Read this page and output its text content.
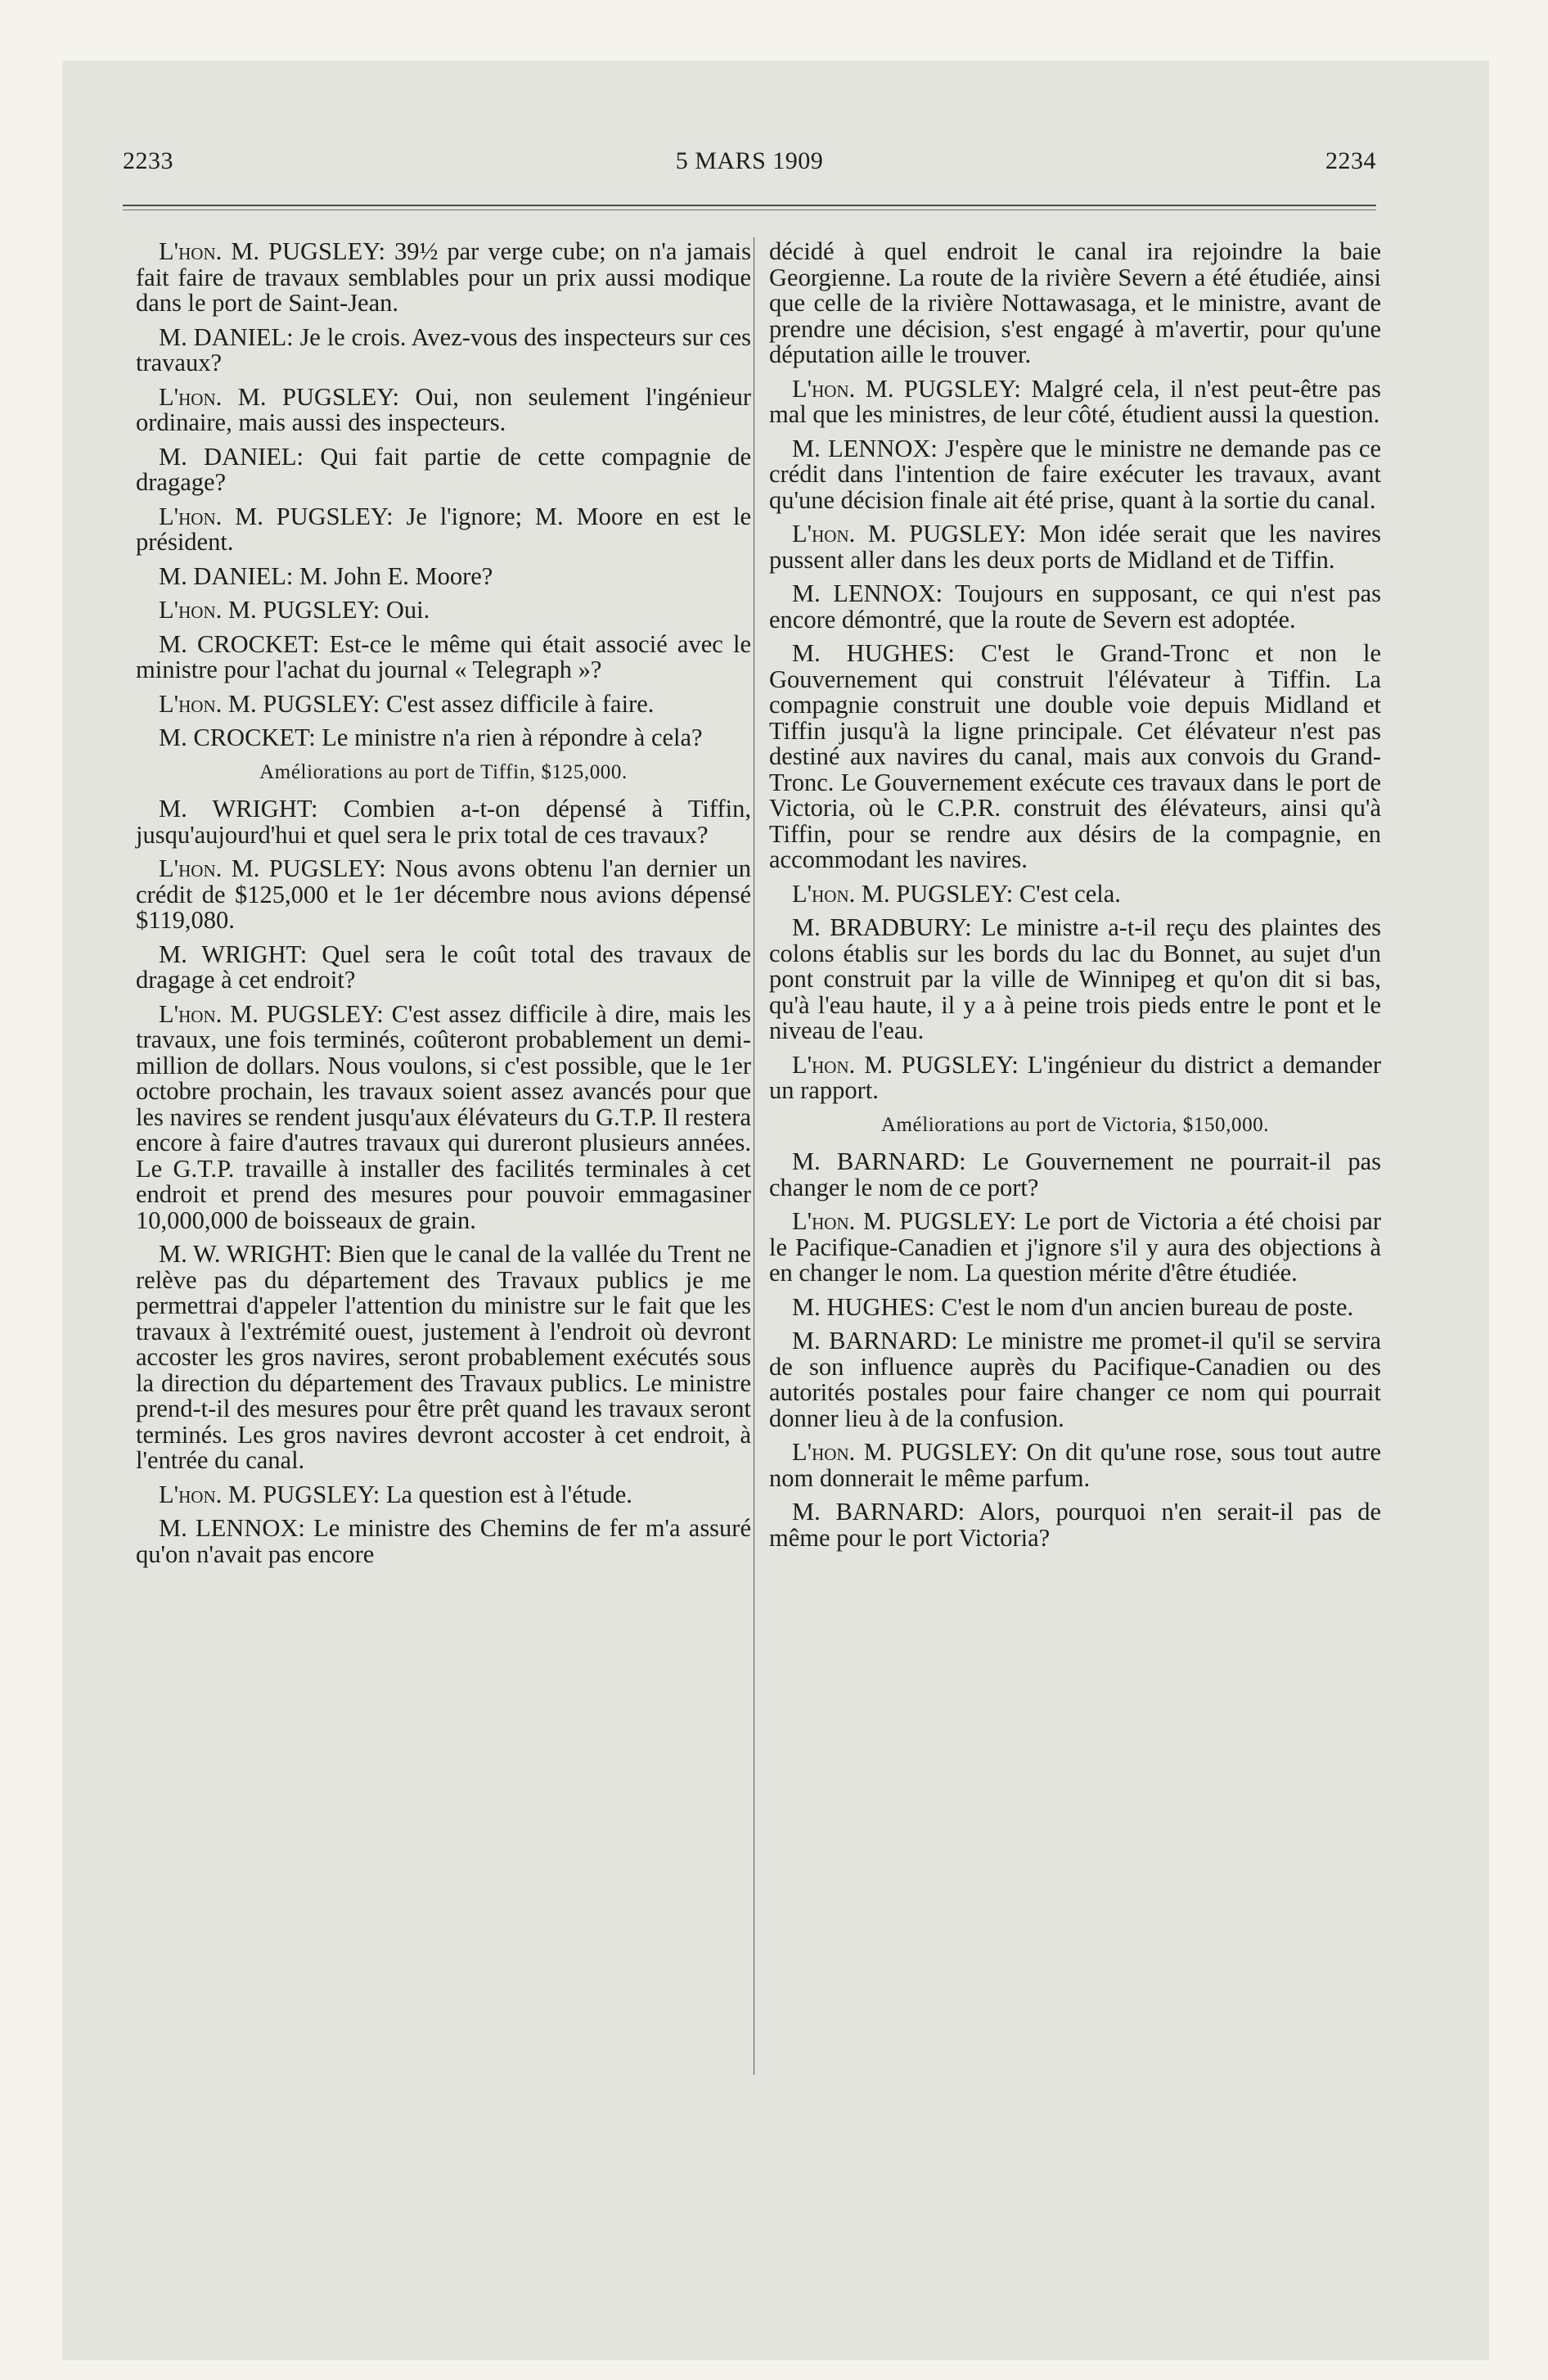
2233	5 MARS 1909	2234

L'hon. M. PUGSLEY: 39½ par verge cube; on n'a jamais fait faire de travaux semblables pour un prix aussi modique dans le port de Saint-Jean.

M. DANIEL: Je le crois. Avez-vous des inspecteurs sur ces travaux?

L'hon. M. PUGSLEY: Oui, non seulement l'ingénieur ordinaire, mais aussi des inspecteurs.

M. DANIEL: Qui fait partie de cette compagnie de dragage?

L'hon. M. PUGSLEY: Je l'ignore; M. Moore en est le président.

M. DANIEL: M. John E. Moore?

L'hon. M. PUGSLEY: Oui.

M. CROCKET: Est-ce le même qui était associé avec le ministre pour l'achat du journal « Telegraph »?

L'hon. M. PUGSLEY: C'est assez difficile à faire.

M. CROCKET: Le ministre n'a rien à répondre à cela?

Améliorations au port de Tiffin, $125,000.

M. WRIGHT: Combien a-t-on dépensé à Tiffin, jusqu'aujourd'hui et quel sera le prix total de ces travaux?

L'hon. M. PUGSLEY: Nous avons obtenu l'an dernier un crédit de $125,000 et le 1er décembre nous avions dépensé $119,080.

M. WRIGHT: Quel sera le coût total des travaux de dragage à cet endroit?

L'hon. M. PUGSLEY: C'est assez difficile à dire, mais les travaux, une fois terminés, coûteront probablement un demi-million de dollars. Nous voulons, si c'est possible, que le 1er octobre prochain, les travaux soient assez avancés pour que les navires se rendent jusqu'aux élévateurs du G.T.P. Il restera encore à faire d'autres travaux qui dureront plusieurs années. Le G.T.P. travaille à installer des facilités terminales à cet endroit et prend des mesures pour pouvoir emmagasiner 10,000,000 de boisseaux de grain.

M. W. WRIGHT: Bien que le canal de la vallée du Trent ne relève pas du département des Travaux publics je me permettrai d'appeler l'attention du ministre sur le fait que les travaux à l'extrémité ouest, justement à l'endroit où devront accoster les gros navires, seront probablement exécutés sous la direction du département des Travaux publics. Le ministre prend-t-il des mesures pour être prêt quand les travaux seront terminés. Les gros navires devront accoster à cet endroit, à l'entrée du canal.

L'hon. M. PUGSLEY: La question est à l'étude.

M. LENNOX: Le ministre des Chemins de fer m'a assuré qu'on n'avait pas encore

décidé à quel endroit le canal ira rejoindre la baie Georgienne. La route de la rivière Severn a été étudiée, ainsi que celle de la rivière Nottawasaga, et le ministre, avant de prendre une décision, s'est engagé à m'avertir, pour qu'une députation aille le trouver.

L'hon. M. PUGSLEY: Malgré cela, il n'est peut-être pas mal que les ministres, de leur côté, étudient aussi la question.

M. LENNOX: J'espère que le ministre ne demande pas ce crédit dans l'intention de faire exécuter les travaux, avant qu'une décision finale ait été prise, quant à la sortie du canal.

L'hon. M. PUGSLEY: Mon idée serait que les navires pussent aller dans les deux ports de Midland et de Tiffin.

M. LENNOX: Toujours en supposant, ce qui n'est pas encore démontré, que la route de Severn est adoptée.

M. HUGHES: C'est le Grand-Tronc et non le Gouvernement qui construit l'élévateur à Tiffin. La compagnie construit une double voie depuis Midland et Tiffin jusqu'à la ligne principale. Cet élévateur n'est pas destiné aux navires du canal, mais aux convois du Grand-Tronc. Le Gouvernement exécute ces travaux dans le port de Victoria, où le C.P.R. construit des élévateurs, ainsi qu'à Tiffin, pour se rendre aux désirs de la compagnie, en accommodant les navires.

L'hon. M. PUGSLEY: C'est cela.

M. BRADBURY: Le ministre a-t-il reçu des plaintes des colons établis sur les bords du lac du Bonnet, au sujet d'un pont construit par la ville de Winnipeg et qu'on dit si bas, qu'à l'eau haute, il y a à peine trois pieds entre le pont et le niveau de l'eau.

L'hon. M. PUGSLEY: L'ingénieur du district a demander un rapport.

Améliorations au port de Victoria, $150,000.

M. BARNARD: Le Gouvernement ne pourrait-il pas changer le nom de ce port?

L'hon. M. PUGSLEY: Le port de Victoria a été choisi par le Pacifique-Canadien et j'ignore s'il y aura des objections à en changer le nom. La question mérite d'être étudiée.

M. HUGHES: C'est le nom d'un ancien bureau de poste.

M. BARNARD: Le ministre me promet-il qu'il se servira de son influence auprès du Pacifique-Canadien ou des autorités postales pour faire changer ce nom qui pourrait donner lieu à de la confusion.

L'hon. M. PUGSLEY: On dit qu'une rose, sous tout autre nom donnerait le même parfum.

M. BARNARD: Alors, pourquoi n'en serait-il pas de même pour le port Victoria?
